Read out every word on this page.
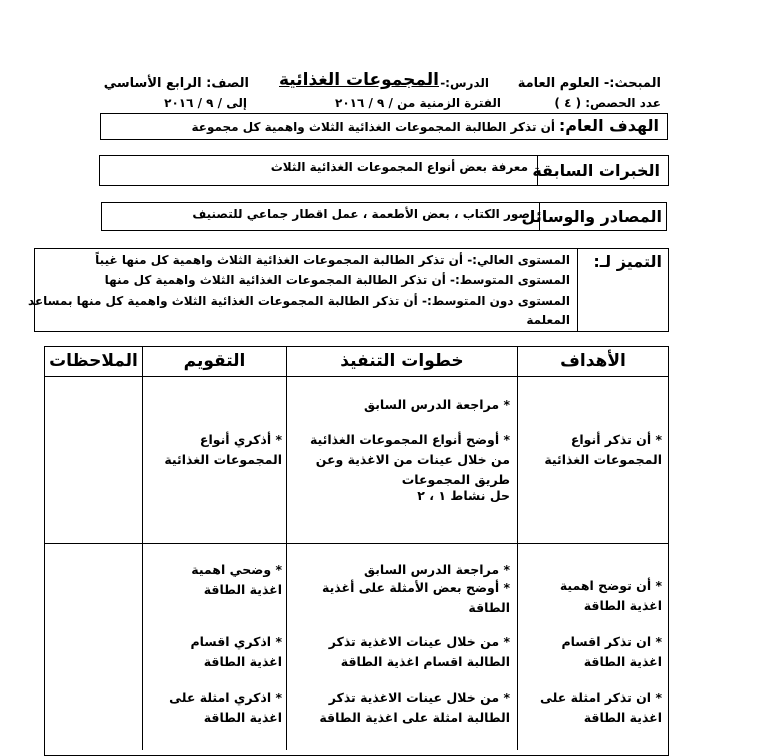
المبحث:- العلوم العامة
الدرس:-
المجموعات الغذائية
الصف: الرابع الأساسي
عدد الحصص: ( ٤ )
الفترة الزمنية من / ٩ / ٢٠١٦
إلى / ٩ / ٢٠١٦
الهدف العام:
أن تذكر الطالبة المجموعات الغذائية الثلاث واهمية كل مجموعة
الخبرات السابقة
معرفة بعض أنواع المجموعات الغذائية الثلاث
المصادر والوسائل
صور الكتاب ، بعض الأطعمة ، عمل اقطار جماعي للتصنيف
التميز لـ:
المستوى العالي:- أن تذكر الطالبة المجموعات الغذائية الثلاث واهمية كل منها غيباً
المستوى المتوسط:- أن تذكر الطالبة المجموعات الغذائية الثلاث واهمية كل منها
المستوى دون المتوسط:- أن تذكر الطالبة المجموعات الغذائية الثلاث واهمية كل منها بمساعد
المعلمة
الأهداف
خطوات التنفيذ
التقويم
الملاحظات
* أن تذكر أنواع المجموعات الغذائية
* مراجعة الدرس السابق
* أوضح أنواع المجموعات الغذائية من خلال عينات من الاغذية وعن طريق المجموعات
حل نشاط ١ ، ٢
* أذكري أنواع المجموعات الغذائية
* أن توضح اهمية اغذية الطاقة
* ان تذكر اقسام اغذية الطاقة
* ان تذكر امثلة على اغذية الطاقة
* مراجعة الدرس السابق
* أوضح بعض الأمثلة على أغذية الطاقة
* من خلال عينات الاغذية تذكر الطالبة اقسام اغذية الطاقة
* من خلال عينات الاغذية تذكر الطالبة امثلة على اغذية الطاقة
* وضحي اهمية اغذية الطاقة
* اذكري اقسام اغذية الطاقة
* اذكري امثلة على اغذية الطاقة
